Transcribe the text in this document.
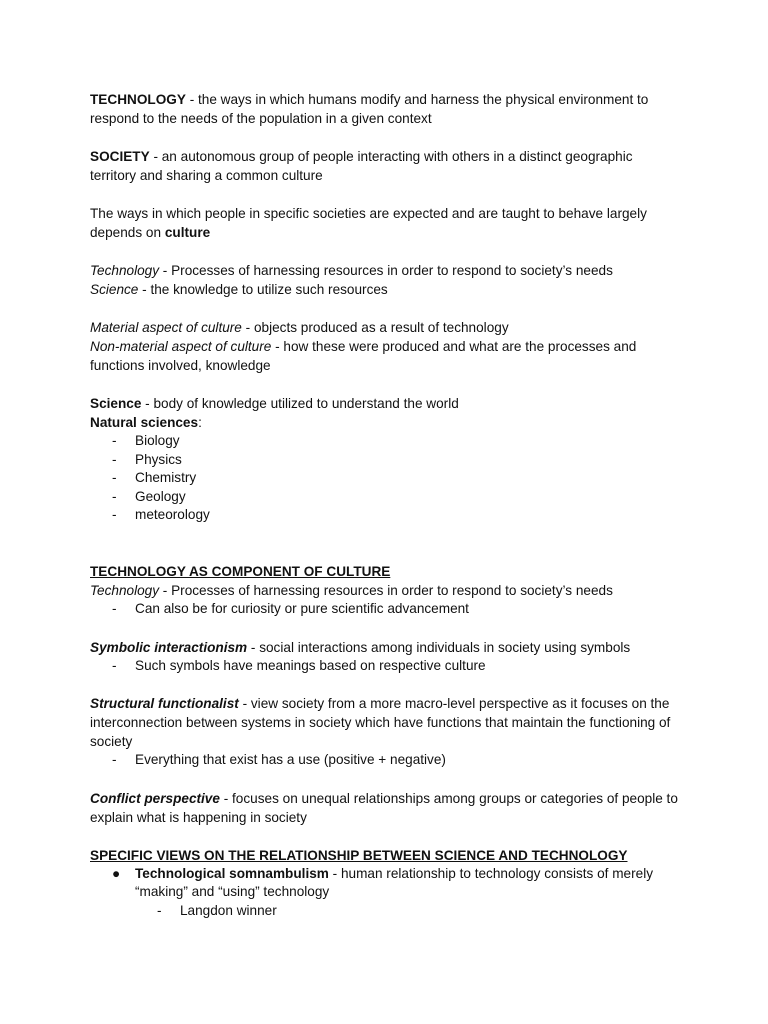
TECHNOLOGY - the ways in which humans modify and harness the physical environment to respond to the needs of the population in a given context

SOCIETY - an autonomous group of people interacting with others in a distinct geographic territory and sharing a common culture

The ways in which people in specific societies are expected and are taught to behave largely depends on culture

Technology - Processes of harnessing resources in order to respond to society’s needs

Science - the knowledge to utilize such resources

Material aspect of culture - objects produced as a result of technology

Non-material aspect of culture - how these were produced and what are the processes and functions involved, knowledge

Science - body of knowledge utilized to understand the world

Natural sciences:

- Biology
- Physics
- Chemistry
- Geology
- meteorology

TECHNOLOGY AS COMPONENT OF CULTURE

Technology - Processes of harnessing resources in order to respond to society’s needs

- Can also be for curiosity or pure scientific advancement

Symbolic interactionism - social interactions among individuals in society using symbols

- Such symbols have meanings based on respective culture

Structural functionalist - view society from a more macro-level perspective as it focuses on the interconnection between systems in society which have functions that maintain the functioning of society

- Everything that exist has a use (positive + negative)

Conflict perspective - focuses on unequal relationships among groups or categories of people to explain what is happening in society

SPECIFIC VIEWS ON THE RELATIONSHIP BETWEEN SCIENCE AND TECHNOLOGY

● Technological somnambulism - human relationship to technology consists of merely “making” and “using” technology
- Langdon winner
